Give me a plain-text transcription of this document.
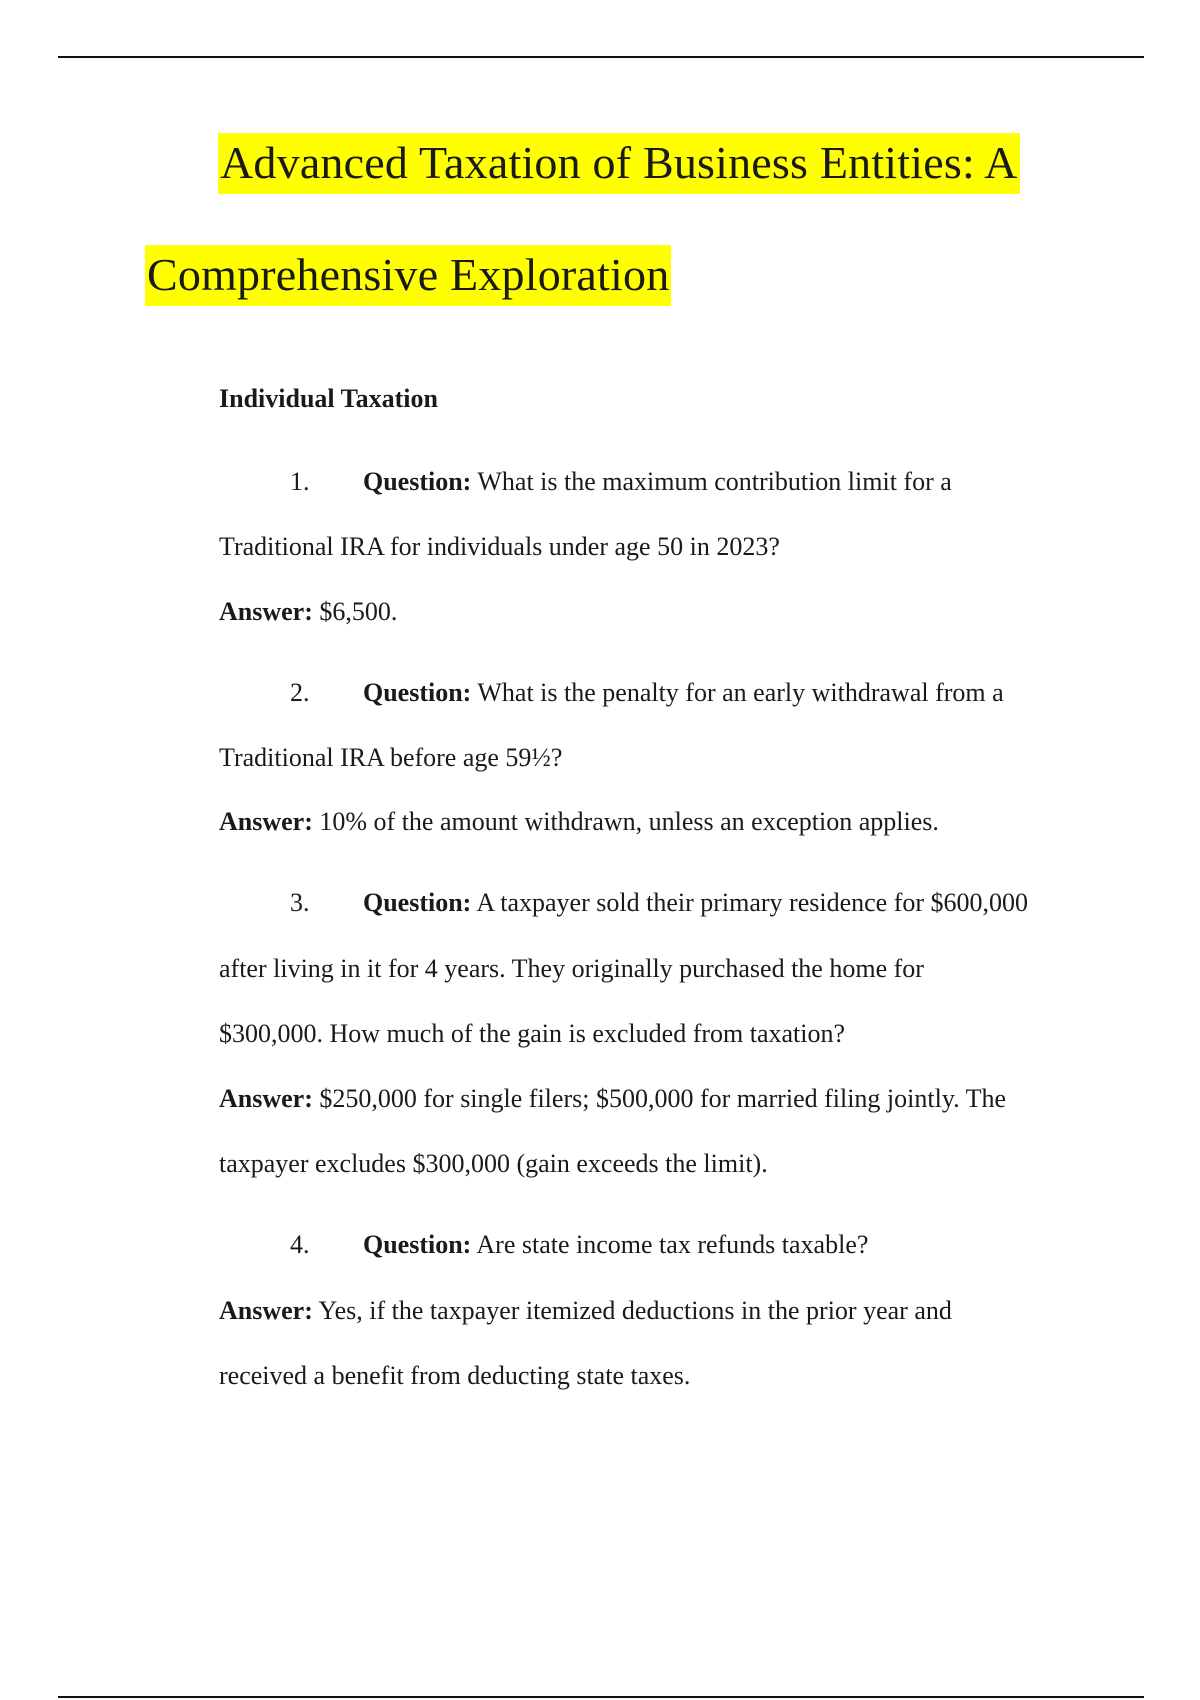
Advanced Taxation of Business Entities: A
Comprehensive Exploration
Individual Taxation
1. Question: What is the maximum contribution limit for a
Traditional IRA for individuals under age 50 in 2023?
Answer: $6,500.
2. Question: What is the penalty for an early withdrawal from a
Traditional IRA before age 59½?
Answer: 10% of the amount withdrawn, unless an exception applies.
3. Question: A taxpayer sold their primary residence for $600,000
after living in it for 4 years. They originally purchased the home for
$300,000. How much of the gain is excluded from taxation?
Answer: $250,000 for single filers; $500,000 for married filing jointly. The
taxpayer excludes $300,000 (gain exceeds the limit).
4. Question: Are state income tax refunds taxable?
Answer: Yes, if the taxpayer itemized deductions in the prior year and
received a benefit from deducting state taxes.
